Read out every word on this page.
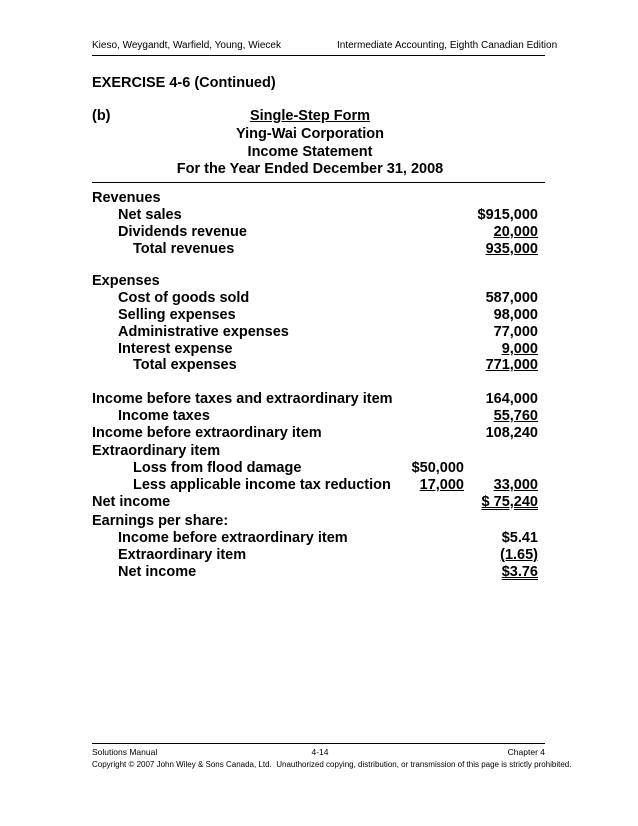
Kieso, Weygandt, Warfield, Young, Wiecek	Intermediate Accounting, Eighth Canadian Edition
EXERCISE 4-6 (Continued)
(b)	Single-Step Form
Ying-Wai Corporation
Income Statement
For the Year Ended December 31, 2008
Revenues
Net sales	$915,000
Dividends revenue	20,000
Total revenues	935,000
Expenses
Cost of goods sold	587,000
Selling expenses	98,000
Administrative expenses	77,000
Interest expense	9,000
Total expenses	771,000
Income before taxes and extraordinary item	164,000
Income taxes	55,760
Income before extraordinary item	108,240
Extraordinary item
Loss from flood damage	$50,000
Less applicable income tax reduction 17,000 33,000
Net income	$ 75,240
Earnings per share:
Income before extraordinary item	$5.41
Extraordinary item	(1.65)
Net income	$3.76
Solutions Manual	4-14	Chapter 4
Copyright © 2007 John Wiley & Sons Canada, Ltd.  Unauthorized copying, distribution, or transmission of this page is strictly prohibited.
